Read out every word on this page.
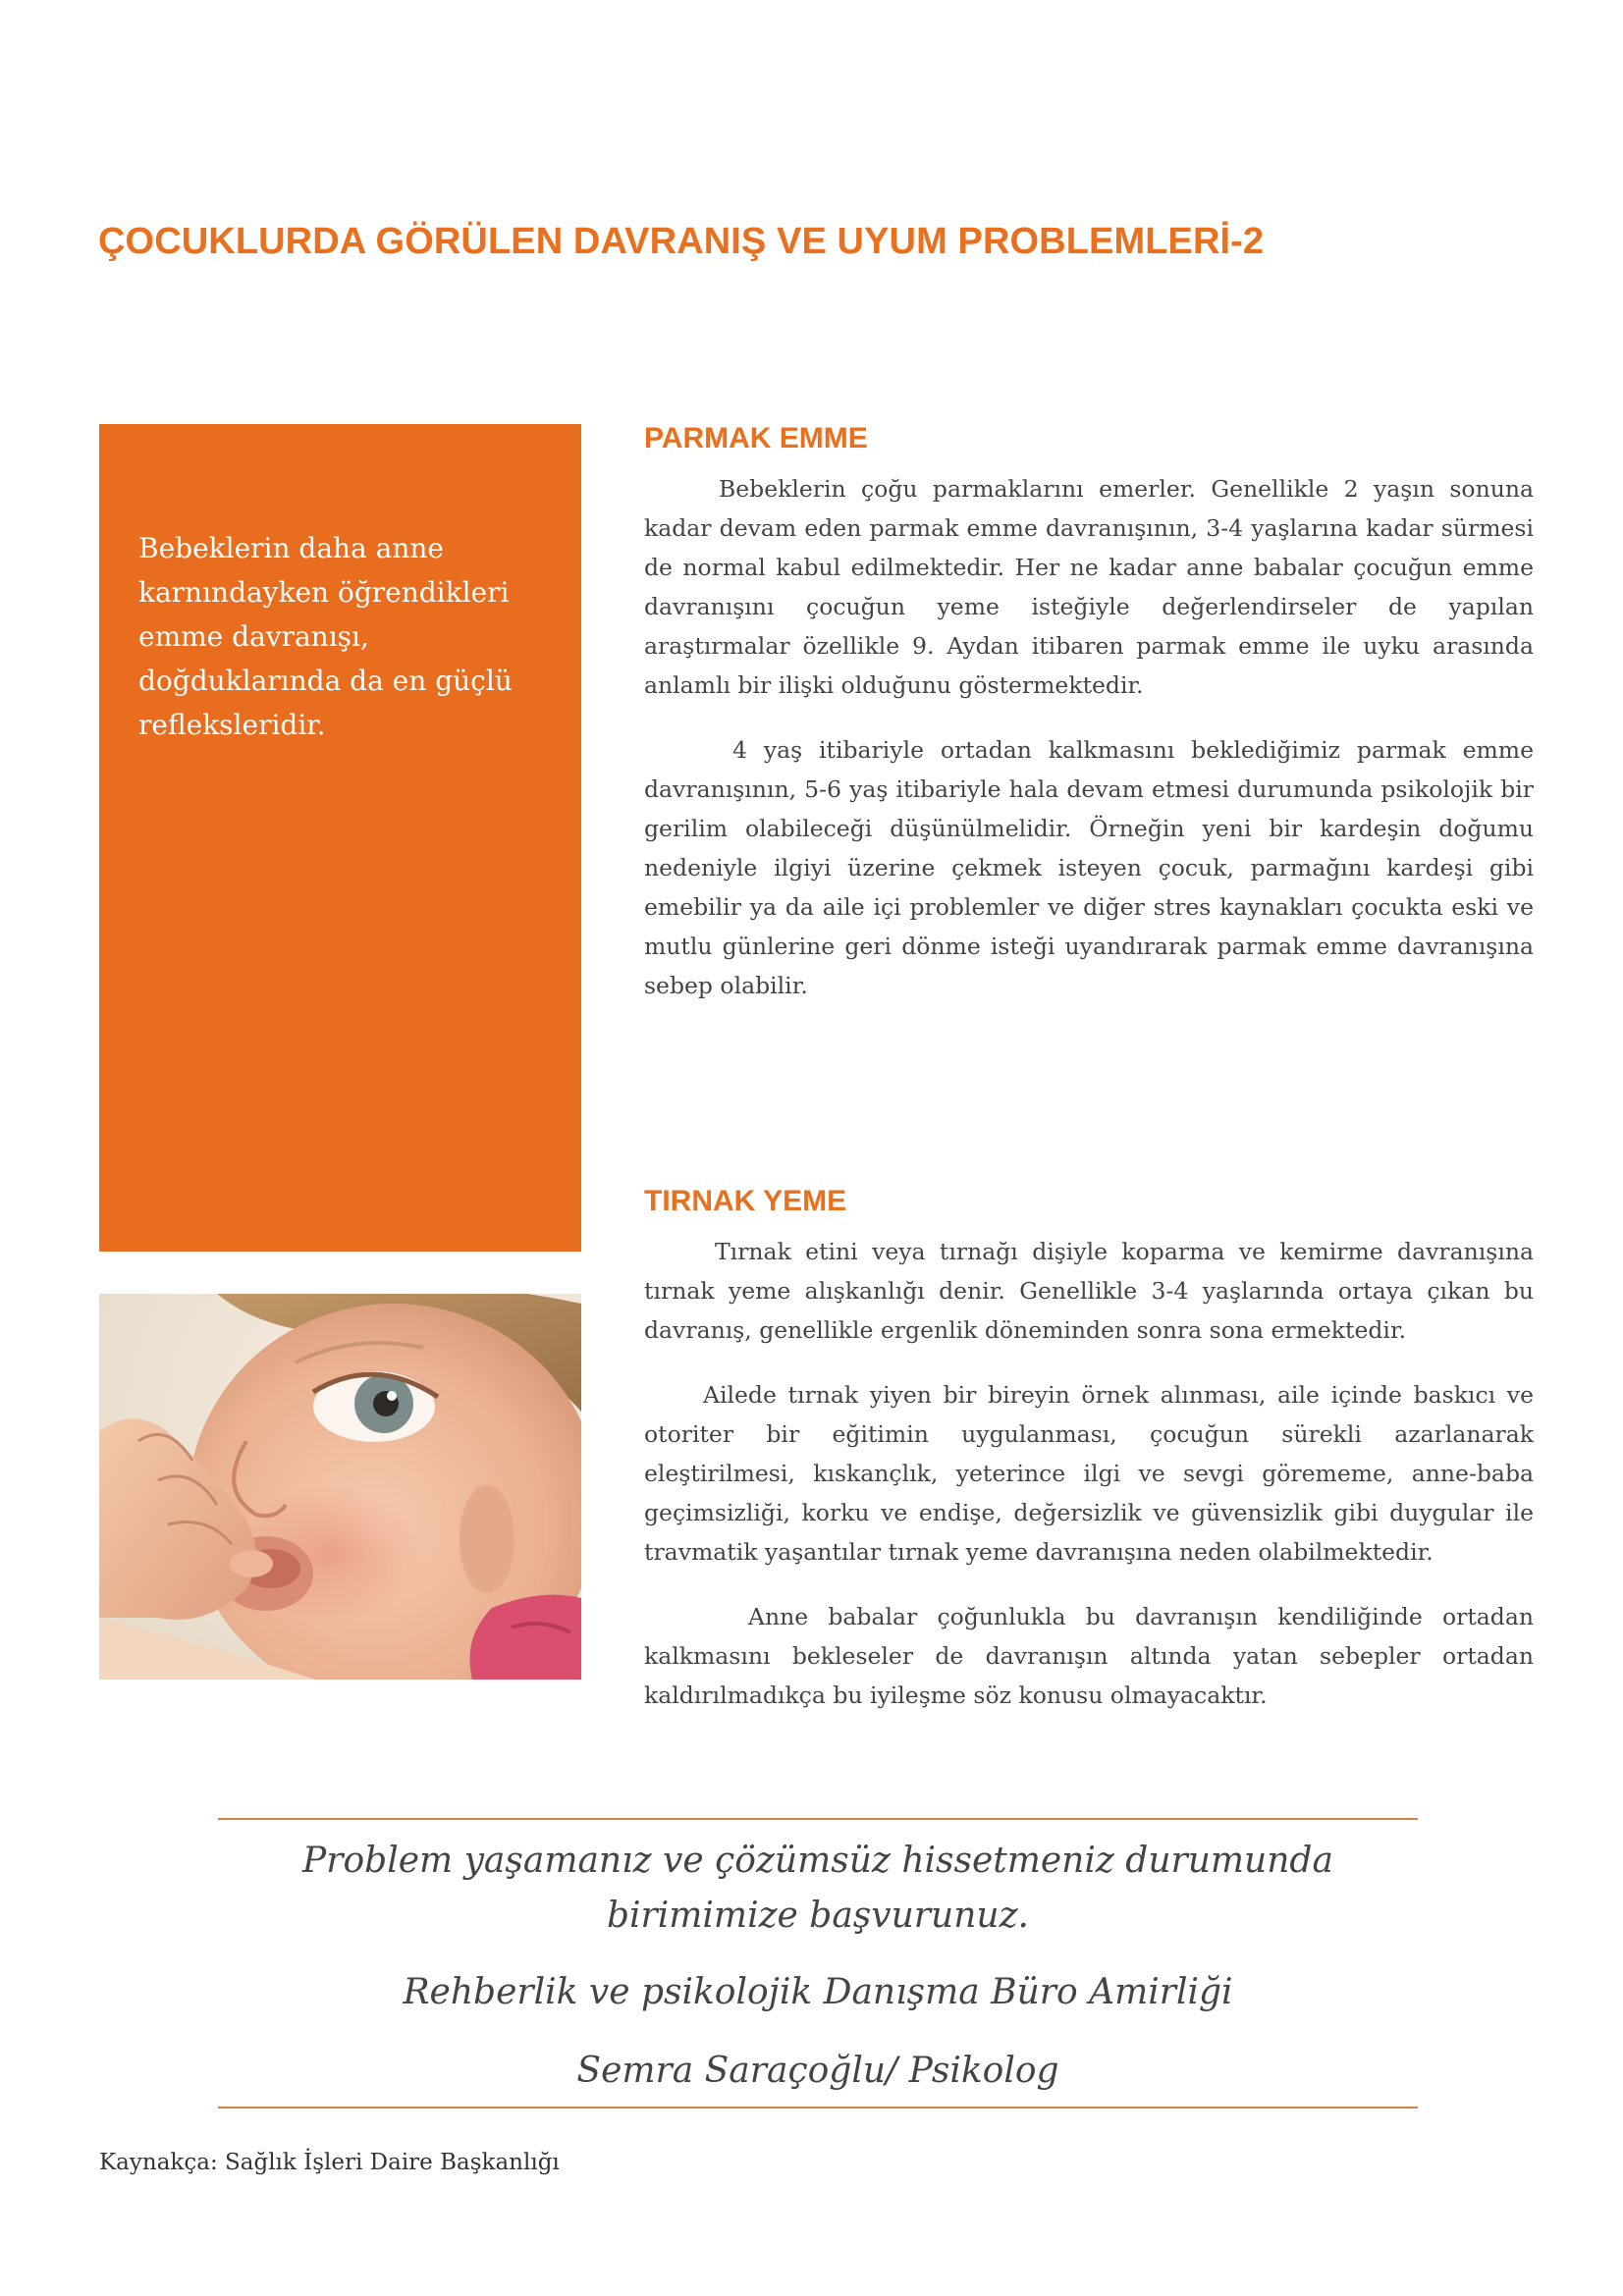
ÇOCUKLURDA GÖRÜLEN DAVRANIŞ VE UYUM PROBLEMLERİ-2

Bebeklerin daha anne karnındayken öğrendikleri emme davranışı, doğduklarında da en güçlü refleksleridir.

PARMAK EMME

Bebeklerin çoğu parmaklarını emerler. Genellikle 2 yaşın sonuna kadar devam eden parmak emme davranışının, 3-4 yaşlarına kadar sürmesi de normal kabul edilmektedir. Her ne kadar anne babalar çocuğun emme davranışını çocuğun yeme isteğiyle değerlendirseler de yapılan araştırmalar özellikle 9. Aydan itibaren parmak emme ile uyku arasında anlamlı bir ilişki olduğunu göstermektedir.

4 yaş itibariyle ortadan kalkmasını beklediğimiz parmak emme davranışının, 5-6 yaş itibariyle hala devam etmesi durumunda psikolojik bir gerilim olabileceği düşünülmelidir. Örneğin yeni bir kardeşin doğumu nedeniyle ilgiyi üzerine çekmek isteyen çocuk, parmağını kardeşi gibi emebilir ya da aile içi problemler ve diğer stres kaynakları çocukta eski ve mutlu günlerine geri dönme isteği uyandırarak parmak emme davranışına sebep olabilir.

TIRNAK YEME

Tırnak etini veya tırnağı dişiyle koparma ve kemirme davranışına tırnak yeme alışkanlığı denir. Genellikle 3-4 yaşlarında ortaya çıkan bu davranış, genellikle ergenlik döneminden sonra sona ermektedir.

Ailede tırnak yiyen bir bireyin örnek alınması, aile içinde baskıcı ve otoriter bir eğitimin uygulanması, çocuğun sürekli azarlanarak eleştirilmesi, kıskançlık, yeterince ilgi ve sevgi görememe, anne-baba geçimsizliği, korku ve endişe, değersizlik ve güvensizlik gibi duygular ile travmatik yaşantılar tırnak yeme davranışına neden olabilmektedir.

Anne babalar çoğunlukla bu davranışın kendiliğinde ortadan kalkmasını bekleseler de davranışın altında yatan sebepler ortadan kaldırılmadıkça bu iyileşme söz konusu olmayacaktır.

Problem yaşamanız ve çözümsüz hissetmeniz durumunda birimimize başvurunuz.

Rehberlik ve psikolojik Danışma Büro Amirliği

Semra Saraçoğlu/ Psikolog

Kaynakça: Sağlık İşleri Daire Başkanlığı
